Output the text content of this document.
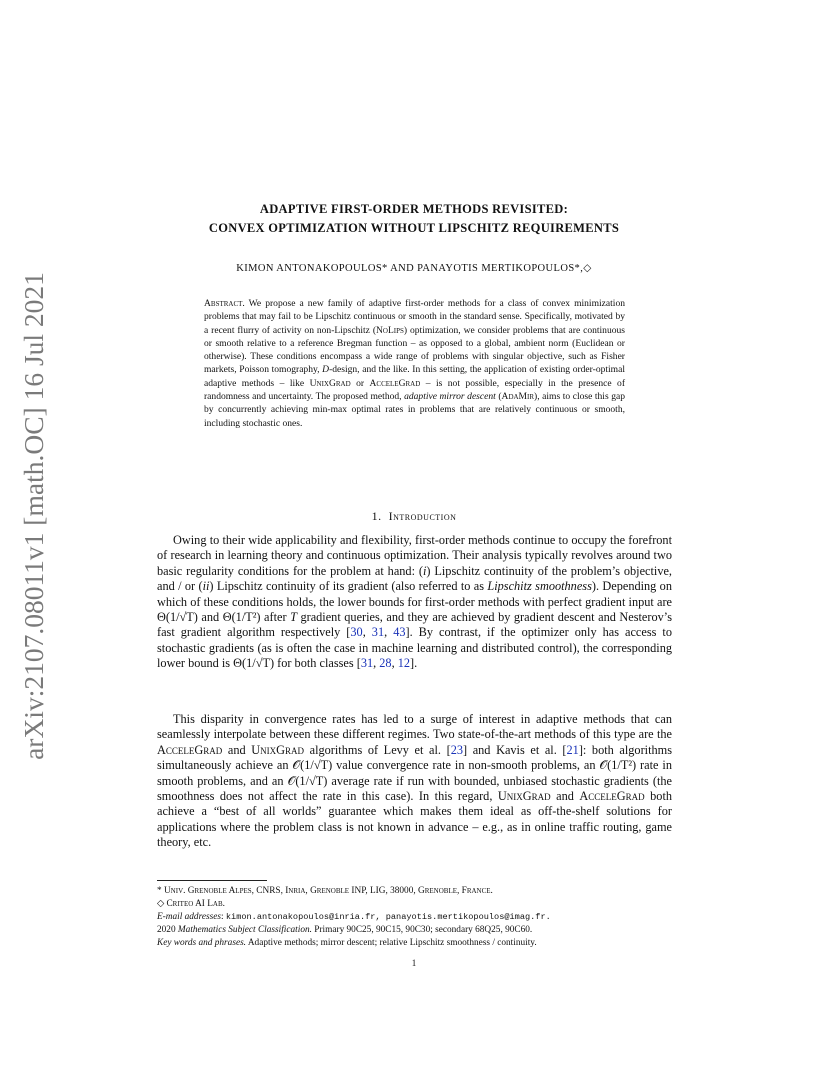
arXiv:2107.08011v1 [math.OC] 16 Jul 2021
ADAPTIVE FIRST-ORDER METHODS REVISITED:
CONVEX OPTIMIZATION WITHOUT LIPSCHITZ REQUIREMENTS
KIMON ANTONAKOPOULOS* AND PANAYOTIS MERTIKOPOULOS*,◇

Abstract. We propose a new family of adaptive first-order methods for a class of convex minimization problems that may fail to be Lipschitz continuous or smooth in the standard sense. Specifically, motivated by a recent flurry of activity on non-Lipschitz (NoLips) optimization, we consider problems that are continuous or smooth relative to a reference Bregman function – as opposed to a global, ambient norm (Euclidean or otherwise). These conditions encompass a wide range of problems with singular objective, such as Fisher markets, Poisson tomography, D-design, and the like. In this setting, the application of existing order-optimal adaptive methods – like UnixGrad or AcceleGrad – is not possible, especially in the presence of randomness and uncertainty. The proposed method, adaptive mirror descent (AdaMir), aims to close this gap by concurrently achieving min-max optimal rates in problems that are relatively continuous or smooth, including stochastic ones.

1. Introduction

Owing to their wide applicability and flexibility, first-order methods continue to occupy the forefront of research in learning theory and continuous optimization. Their analysis typically revolves around two basic regularity conditions for the problem at hand: (i) Lipschitz continuity of the problem’s objective, and / or (ii) Lipschitz continuity of its gradient (also referred to as Lipschitz smoothness). Depending on which of these conditions holds, the lower bounds for first-order methods with perfect gradient input are Θ(1/√T) and Θ(1/T²) after T gradient queries, and they are achieved by gradient descent and Nesterov’s fast gradient algorithm respectively [30, 31, 43]. By contrast, if the optimizer only has access to stochastic gradients (as is often the case in machine learning and distributed control), the corresponding lower bound is Θ(1/√T) for both classes [31, 28, 12].

This disparity in convergence rates has led to a surge of interest in adaptive methods that can seamlessly interpolate between these different regimes. Two state-of-the-art methods of this type are the AcceleGrad and UnixGrad algorithms of Levy et al. [23] and Kavis et al. [21]: both algorithms simultaneously achieve an 𝒪(1/√T) value convergence rate in non-smooth problems, an 𝒪(1/T²) rate in smooth problems, and an 𝒪(1/√T) average rate if run with bounded, unbiased stochastic gradients (the smoothness does not affect the rate in this case). In this regard, UnixGrad and AcceleGrad both achieve a “best of all worlds” guarantee which makes them ideal as off-the-shelf solutions for applications where the problem class is not known in advance – e.g., as in online traffic routing, game theory, etc.

* Univ. Grenoble Alpes, CNRS, Inria, Grenoble INP, LIG, 38000, Grenoble, France.

◇ Criteo AI Lab.

E-mail addresses: kimon.antonakopoulos@inria.fr, panayotis.mertikopoulos@imag.fr.

2020 Mathematics Subject Classification. Primary 90C25, 90C15, 90C30; secondary 68Q25, 90C60.

Key words and phrases. Adaptive methods; mirror descent; relative Lipschitz smoothness / continuity.

1
